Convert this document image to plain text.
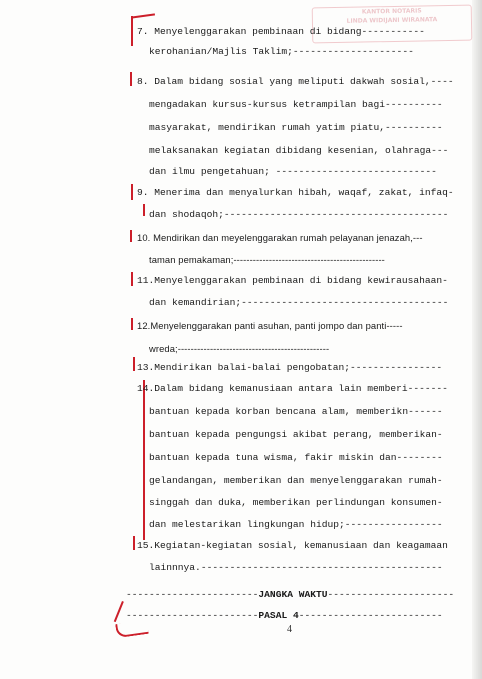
KANTOR NOTARIS
LINDA WIDIJANI WIRANATA
7. Menyelenggarakan pembinaan di bidang-----------
kerohanian/Majlis Taklim;---------------------
8. Dalam bidang sosial yang meliputi dakwah sosial,----
mengadakan kursus-kursus ketrampilan bagi----------
masyarakat, mendirikan rumah yatim piatu,----------
melaksanakan kegiatan dibidang kesenian, olahraga---
dan ilmu pengetahuan; ----------------------------
9. Menerima dan menyalurkan hibah, waqaf, zakat, infaq-
dan shodaqoh;---------------------------------------
10. Mendirikan dan meyelenggarakan rumah pelayanan jenazah,---
taman pemakaman;-----------------------------------------------
11.Menyelenggarakan pembinaan di bidang kewirausahaan-
dan kemandirian;------------------------------------
12.Menyelenggarakan panti asuhan, panti jompo dan panti-----
wreda;-----------------------------------------------
13.Mendirikan balai-balai pengobatan;----------------
14.Dalam bidang kemanusiaan antara lain memberi-------
bantuan kepada korban bencana alam, memberikn------
bantuan kepada pengungsi akibat perang, memberikan-
bantuan kepada tuna wisma, fakir miskin dan--------
gelandangan, memberikan dan menyelenggarakan rumah-
singgah dan duka, memberikan perlindungan konsumen-
dan melestarikan lingkungan hidup;-----------------
15.Kegiatan-kegiatan sosial, kemanusiaan dan keagamaan
lainnnya.------------------------------------------
-----------------------JANGKA WAKTU----------------------
-----------------------PASAL 4-------------------------
4
